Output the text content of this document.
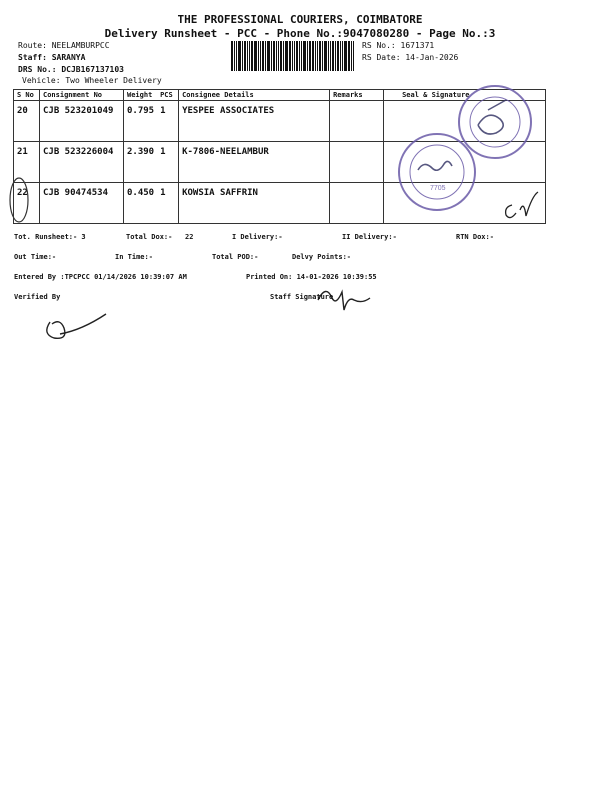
THE PROFESSIONAL COURIERS, COIMBATORE
Delivery Runsheet - PCC - Phone No.:9047080280 - Page No.:3
Route: NEELAMBURPCC
Staff: SARANYA
DRS No.: DCJB167137103
Vehicle: Two Wheeler Delivery
RS No.: 1671371
RS Date: 14-Jan-2026
S No	Consignment No	Weight	PCS	Consignee Details	Remarks	Seal & Signature
20	CJB 523201049	0.795	1	YESPEE ASSOCIATES		
21	CJB 523226004	2.390	1	K-7806-NEELAMBUR		
22	CJB 90474534	0.450	1	KOWSIA SAFFRIN			7705
Tot. Runsheet:- 3	Total Dox:-   22	I Delivery:-	II Delivery:-	RTN Dox:-
Out Time:-	In Time:-	Total POD:-	Delvy Points:-
Entered By :TPCPCC 01/14/2026 10:39:07 AM	Printed On: 14-01-2026 10:39:55
Verified By	Staff Signature
